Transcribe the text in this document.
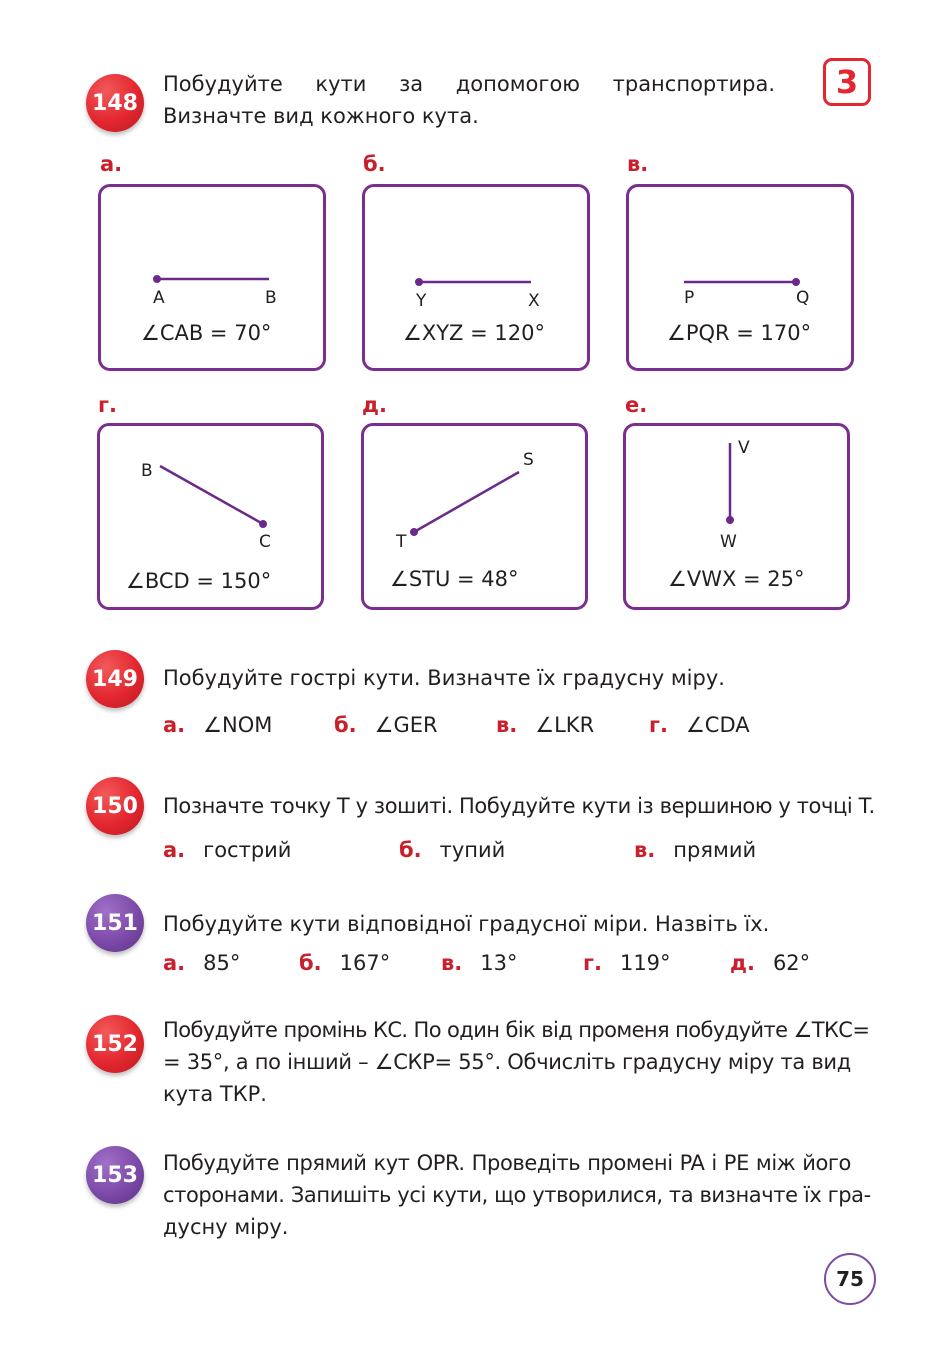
3
148
Побудуйте кути за допомогою транспортира.
Визначте вид кожного кута.
а.	б.	в.
г.	д.	е.
A	B
∠CAB = 70°
Y	X
∠XYZ = 120°
P	Q
∠PQR = 170°
B
C
∠BCD = 150°
S
T
∠STU = 48°
V
W
∠VWX = 25°
149 Побудуйте гострі кути. Визначте їх градусну міру.
а. ∠NOM	б. ∠GER	в. ∠LKR	г. ∠CDA
150 Позначте точку T у зошиті. Побудуйте кути із вершиною у точці T.
а. гострий	б. тупий	в. прямий
151 Побудуйте кути відповідної градусної міри. Назвіть їх.
а. 85°	б. 167° в. 13°	г. 119°	д. 62°
152
Побудуйте промінь КС. По один бік від променя побудуйте ∠ТКС=
= 35°, а по інший – ∠СКР= 55°. Обчисліть градусну міру та вид
кута ТКР.
153 Побудуйте прямий кут OPR. Проведіть промені PA і PE між його
сторонами. Запишіть усі кути, що утворилися, та визначте їх гра-
дусну міру.
75
